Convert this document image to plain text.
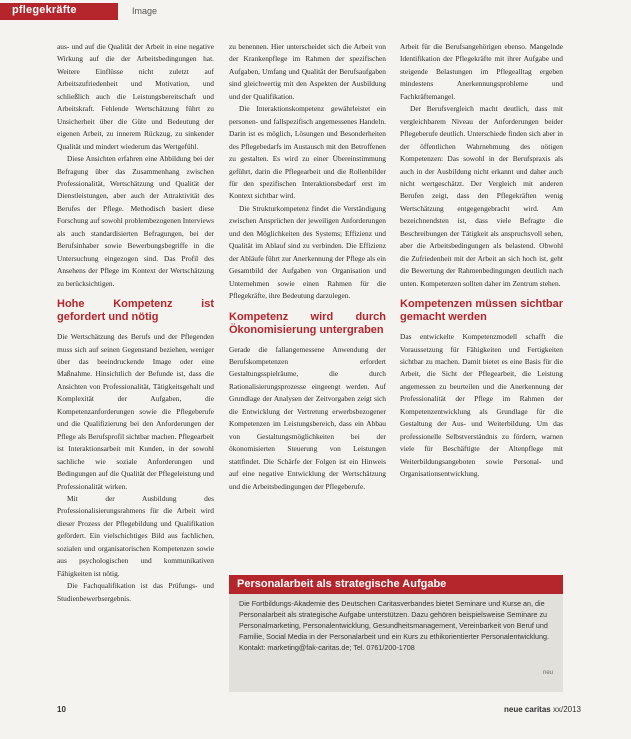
pflegekräfte	Image

aus- und auf die Qualität der Arbeit in eine negative Wirkung auf die der Arbeitsbedingungen hat. Weitere Einflüsse nicht zuletzt auf Arbeitszufriedenheit und Motivation, und schließlich auch die Leistungsbereitschaft und Arbeitskraft. Fehlende Wertschätzung führt zu Unsicherheit über die Güte und Bedeutung der eigenen Arbeit, zu innerem Rückzug, zu sinkender Qualität und mindert wiederum das Wertgefühl.

Diese Ansichten erfahren eine Abbildung bei der Befragung über das Zusammenhang zwischen Professionalität, Wertschätzung und Qualität der Dienstleistungen, aber auch der Attraktivität des Berufes der Pflege. Methodisch basiert diese Forschung auf sowohl problembezogenen Interviews als auch standardisierten Befragungen, bei der Berufsinhaber sowie Bewerbungsbegriffe in die Untersuchung eingezogen sind. Das Profil des Ansehens der Pflege im Kontext der Wertschätzung zu berücksichtigen.

Hohe Kompetenz ist gefordert und nötig

Die Wertschätzung des Berufs und der Pflegenden muss sich auf seinen Gegenstand beziehen, weniger über das beeindruckende Image oder eine Maßnahme. Hinsichtlich der Befunde ist, dass die Ansichten von Professionalität, Tätigkeitsgehalt und Komplexität der Aufgaben, die Kompetenzanforderungen sowie die Pflegeberufe und die Qualifizierung bei den Anforderungen der Pflege als Berufsprofil sichtbar machen. Pflegearbeit ist Interaktionsarbeit mit Kunden, in der sowohl sachliche wie soziale Anforderungen und Bedingungen auf die Qualität der Pflegeleistung und Professionalität wirken.

Mit der Ausbildung des Professionalisierungsrahmens für die Arbeit wird dieser Prozess der Pflegebildung und Qualifikation gefördert. Ein vielschichtiges Bild aus fachlichen, sozialen und organisatorischen Kompetenzen sowie aus psychologischen und kommunikativen Fähigkeiten ist nötig.

Die Fachqualifikation ist das Prüfungs- und Studienbewerbsergebnis.

zu benennen. Hier unterscheidet sich die Arbeit von der Krankenpflege im Rahmen der spezifischen Aufgaben, Umfang und Qualität der Berufsaufgaben sind gleichwertig mit den Aspekten der Ausbildung und der Qualifikation.

Die Interaktionskompetenz gewährleistet ein personen- und fallspezifisch angemessenes Handeln. Darin ist es möglich, Lösungen und Besonderheiten des Pflegebedarfs im Austausch mit den Betroffenen zu gestalten. Es wird zu einer Übereinstimmung geführt, darin die Pflegearbeit und die Rollenbilder für den spezifischen Interaktionsbedarf erst im Kontext sichtbar wird.

Die Strukturkompetenz findet die Verständigung zwischen Ansprüchen der jeweiligen Anforderungen und den Möglichkeiten des Systems; Effizienz und Qualität im Ablauf sind zu verbinden. Die Effizienz der Abläufe führt zur Anerkennung der Pflege als ein Gesamtbild der Aufgaben von Organisation und Unternehmen sowie einen Rahmen für die Pflegekräfte, ihre Bedeutung darzulegen.

Kompetenz wird durch Ökonomisierung untergraben

Gerade die fallangemessene Anwendung der Berufskompetenzen erfordert Gestaltungsspielräume, die durch Rationalisierungsprozesse eingeengt werden. Auf Grundlage der Analysen der Zeitvorgaben zeigt sich die Entwicklung der Vertretung erwerbsbezogener Kompetenzen im Leistungsbereich, dass ein Abbau von Gestaltungsmöglichkeiten bei der ökonomisierten Steuerung von Leistungen stattfindet. Die Schärfe der Folgen ist ein Hinweis auf eine negative Entwicklung der Wertschätzung und die Arbeitsbedingungen der Pflegeberufe.

Arbeit für die Berufsangehörigen ebenso. Mangelnde Identifikation der Pflegekräfte mit ihrer Aufgabe und steigende Belastungen im Pflegealltag ergeben mindestens Anerkennungsprobleme und Fachkräftemangel.

Der Berufsvergleich macht deutlich, dass mit vergleichbarem Niveau der Anforderungen beider Pflegeberufe deutlich. Unterschiede finden sich aber in der öffentlichen Wahrnehmung des nötigen Kompetenzen: Das sowohl in der Berufspraxis als auch in der Ausbildung nicht erkannt und daher auch nicht wertgeschätzt. Der Vergleich mit anderen Berufen zeigt, dass den Pflegekräften wenig Wertschätzung entgegengebracht wird. Am bezeichnendsten ist, dass viele Befragte die Beschreibungen der Tätigkeit als anspruchsvoll sehen, aber die Arbeitsbedingungen als belastend. Obwohl die Zufriedenheit mit der Arbeit an sich hoch ist, geht die Bewertung der Rahmenbedingungen deutlich nach unten. Kompetenzen sollten daher im Zentrum stehen.

Kompetenzen müssen sichtbar gemacht werden

Das entwickelte Kompetenzmodell schafft die Voraussetzung für Fähigkeiten und Fertigkeiten sichtbar zu machen. Damit bietet es eine Basis für die Arbeit, die Sicht der Pflegearbeit, die Leistung angemessen zu beurteilen und die Anerkennung der Professionalität der Pflege im Rahmen der Kompetenzentwicklung als Grundlage für die Gestaltung der Aus- und Weiterbildung. Um das professionelle Selbstverständnis zu fördern, warnen viele für Beschäftigte der Altenpflege mit Weiterbildungsangeboten sowie Personal- und Organisationsentwicklung.

Personalarbeit als strategische Aufgabe
Die Fortbildungs-Akademie des Deutschen Caritasverbandes bietet Seminare und Kurse an, die Personalarbeit als strategische Aufgabe unterstützen. Dazu gehören beispielsweise Seminare zu Personalmarketing, Personalentwicklung, Gesundheitsmanagement, Vereinbarkeit von Beruf und Familie, Social Media in der Personalarbeit und ein Kurs zu ethikorientierter Personalentwicklung.
Kontakt: marketing@fak-caritas.de; Tel. 0761/200-1708
neu
10	neue caritas xx/2013
